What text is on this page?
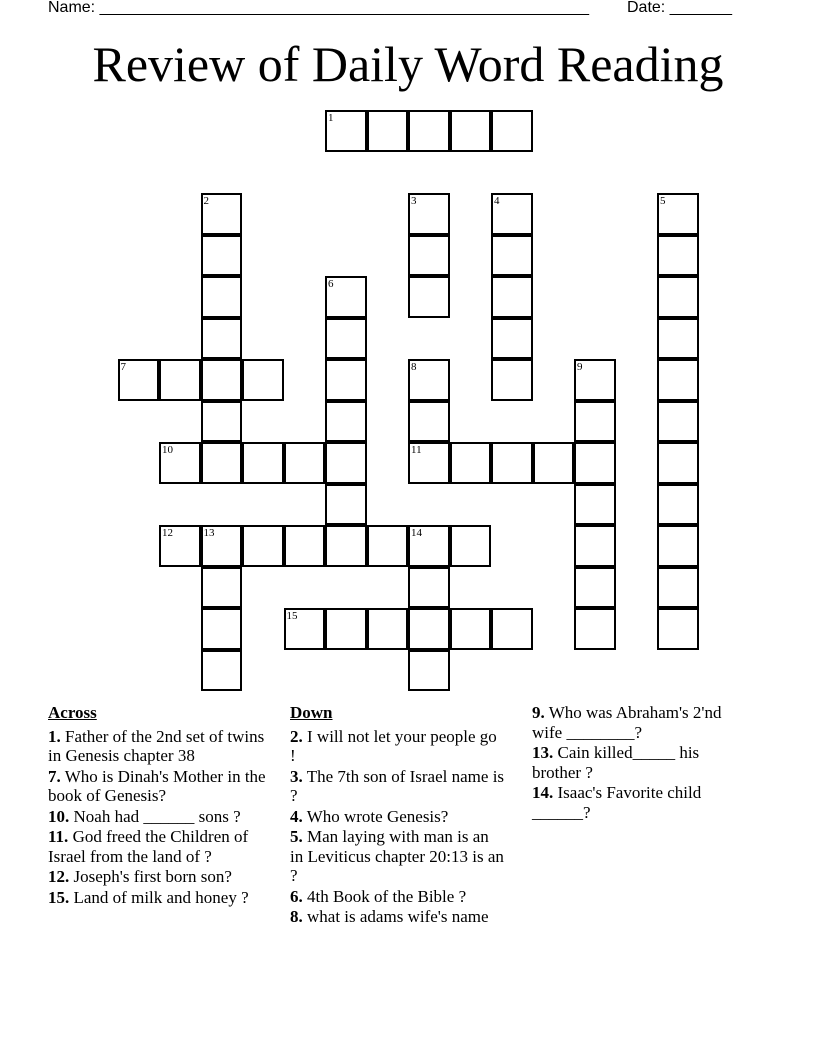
Name: _______________________________________________________ Date: _______
Review of Daily Word Reading
1
2	3	4	5
6
7	8	9
10	11
12	13	14
15
Across
1. Father of the 2nd set of twins in Genesis chapter 38
7. Who is Dinah's Mother in the book of Genesis?
10. Noah had ______ sons ?
11. God freed the Children of Israel from the land of ?
12. Joseph's first born son?
15. Land of milk and honey ?
Down
2. I will not let your people go !
3. The 7th son of Israel name is ?
4. Who wrote Genesis?
5. Man laying with man is an in Leviticus chapter 20:13 is an ?
6. 4th Book of the Bible ?
8. what is adams wife's name
9. Who was Abraham's 2'nd wife ________?
13. Cain killed_____ his brother ?
14. Isaac's Favorite child ______?
